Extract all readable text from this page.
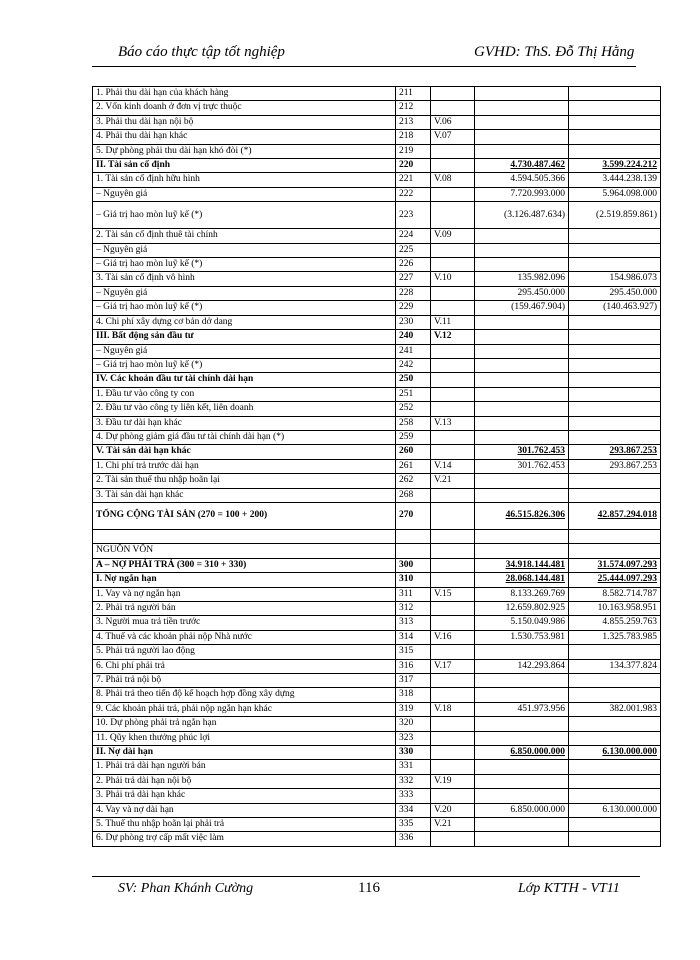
Báo cáo thực tập tốt nghiệp	GVHD: ThS. Đỗ Thị Hằng
1. Phải thu dài hạn của khách hàng	211			
2. Vốn kinh doanh ở đơn vị trực thuộc	212			
3. Phải thu dài hạn nội bộ	213	V.06		
4. Phải thu dài hạn khác	218	V.07		
5. Dự phòng phải thu dài hạn khó đòi (*)	219			
II. Tài sản cố định	220		4.730.487.462	3.599.224.212
1. Tài sản cố định hữu hình	221	V.08	4.594.505.366	3.444.238.139
– Nguyên giá	222		7.720.993.000	5.964.098.000
– Giá trị hao mòn luỹ kế (*)	223		(3.126.487.634)	(2.519.859.861)
2. Tài sản cố định thuê tài chính	224	V.09		
– Nguyên giá	225			
– Giá trị hao mòn luỹ kế (*)	226			
3. Tài sản cố định vô hình	227	V.10	135.982.096	154.986.073
– Nguyên giá	228		295.450.000	295.450.000
– Giá trị hao mòn luỹ kế (*)	229		(159.467.904)	(140.463.927)
4. Chi phí xây dựng cơ bản dở dang	230	V.11		
III. Bất động sản đầu tư	240	V.12		
– Nguyên giá	241			
– Giá trị hao mòn luỹ kế (*)	242			
IV. Các khoản đầu tư tài chính dài hạn	250			
1. Đầu tư vào công ty con	251			
2. Đầu tư vào công ty liên kết, liên doanh	252			
3. Đầu tư dài hạn khác	258	V.13		
4. Dự phòng giảm giá đầu tư tài chính dài hạn (*)	259			
V. Tài sản dài hạn khác	260		301.762.453	293.867.253
1. Chi phí trả trước dài hạn	261	V.14	301.762.453	293.867.253
2. Tài sản thuế thu nhập hoãn lại	262	V.21		
3. Tài sản dài hạn khác	268			
TỔNG CỘNG TÀI SẢN (270 = 100 + 200)	270		46.515.826.306	42.857.294.018

NGUỒN VỐN				
A – NỢ PHẢI TRẢ (300 = 310 + 330)	300		34.918.144.481	31.574.097.293
I. Nợ ngắn hạn	310		28.068.144.481	25.444.097.293
1. Vay và nợ ngắn hạn	311	V.15	8.133.269.769	8.582.714.787
2. Phải trả người bán	312		12.659.802.925	10.163.958.951
3. Người mua trả tiền trước	313		5.150.049.986	4.855.259.763
4. Thuế và các khoản phải nộp Nhà nước	314	V.16	1.530.753.981	1.325.783.985
5. Phải trả người lao động	315			
6. Chi phí phải trả	316	V.17	142.293.864	134.377.824
7. Phải trả nội bộ	317			
8. Phải trả theo tiến độ kế hoạch hợp đồng xây dựng	318			
9. Các khoản phải trả, phải nộp ngắn hạn khác	319	V.18	451.973.956	382.001.983
10. Dự phòng phải trả ngắn hạn	320			
11. Qũy khen thưởng phúc lợi	323			
II. Nợ dài hạn	330		6.850.000.000	6.130.000.000
1. Phải trả dài hạn người bán	331			
2. Phải trả dài hạn nội bộ	332	V.19		
3. Phải trả dài hạn khác	333			
4. Vay và nợ dài hạn	334	V.20	6.850.000.000	6.130.000.000
5. Thuế thu nhập hoãn lại phải trả	335	V.21		
6. Dự phòng trợ cấp mất việc làm	336			
SV: Phan Khánh Cường	116	Lớp KTTH - VT11
